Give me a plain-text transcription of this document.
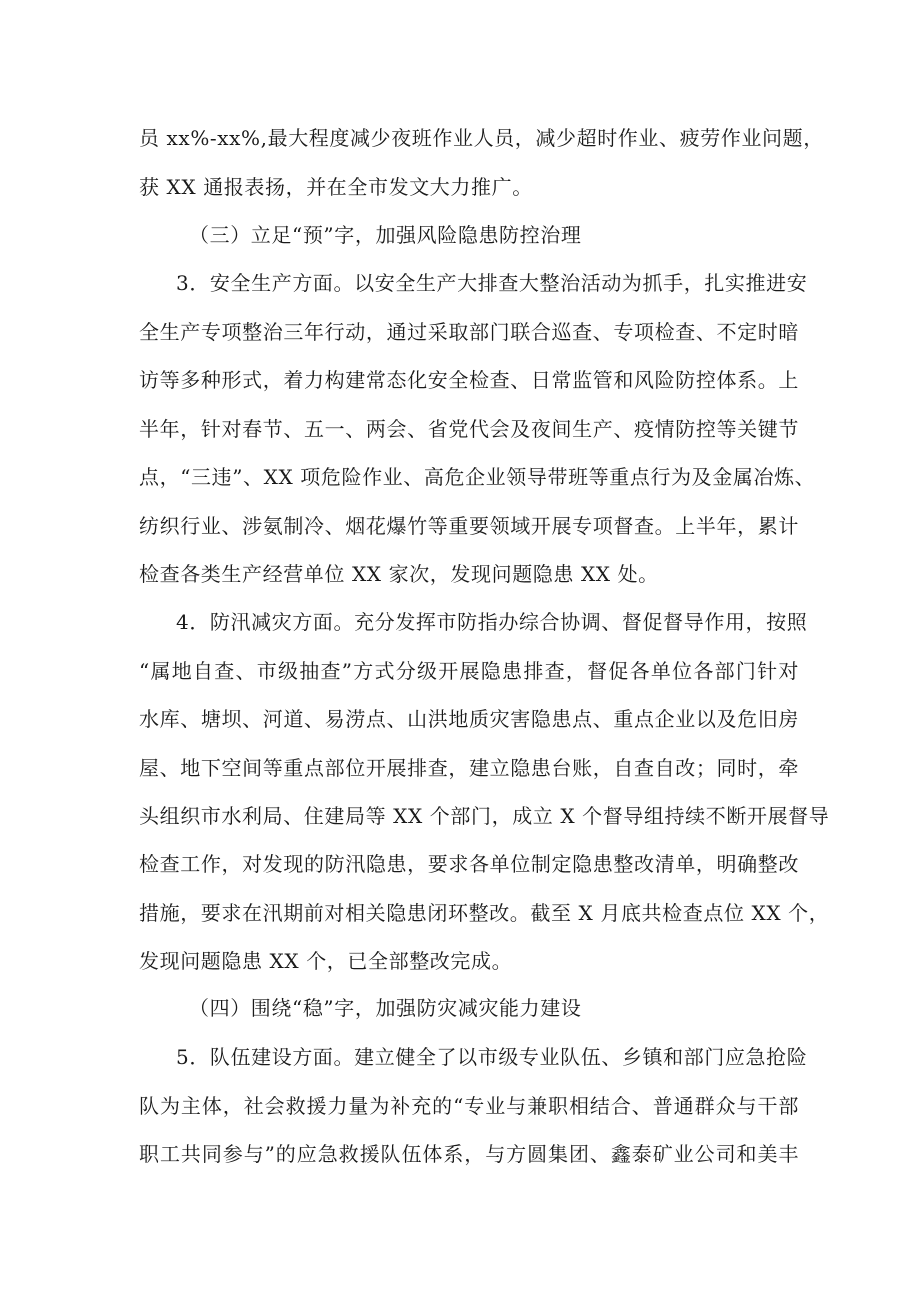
员 xx%-xx%,最大程度减少夜班作业人员，减少超时作业、疲劳作业问题，
获 XX 通报表扬，并在全市发文大力推广。
（三）立足“预”字，加强风险隐患防控治理
3．安全生产方面。以安全生产大排查大整治活动为抓手，扎实推进安
全生产专项整治三年行动，通过采取部门联合巡查、专项检查、不定时暗
访等多种形式，着力构建常态化安全检查、日常监管和风险防控体系。上
半年，针对春节、五一、两会、省党代会及夜间生产、疫情防控等关键节
点，“三违”、XX 项危险作业、高危企业领导带班等重点行为及金属冶炼、
纺织行业、涉氨制冷、烟花爆竹等重要领域开展专项督查。上半年，累计
检查各类生产经营单位 XX 家次，发现问题隐患 XX 处。
4．防汛减灾方面。充分发挥市防指办综合协调、督促督导作用，按照
“属地自查、市级抽查”方式分级开展隐患排查，督促各单位各部门针对
水库、塘坝、河道、易涝点、山洪地质灾害隐患点、重点企业以及危旧房
屋、地下空间等重点部位开展排查，建立隐患台账，自查自改；同时，牵
头组织市水利局、住建局等 XX 个部门，成立 X 个督导组持续不断开展督导
检查工作，对发现的防汛隐患，要求各单位制定隐患整改清单，明确整改
措施，要求在汛期前对相关隐患闭环整改。截至 X 月底共检查点位 XX 个，
发现问题隐患 XX 个，已全部整改完成。
（四）围绕“稳”字，加强防灾减灾能力建设
5．队伍建设方面。建立健全了以市级专业队伍、乡镇和部门应急抢险
队为主体，社会救援力量为补充的“专业与兼职相结合、普通群众与干部
职工共同参与”的应急救援队伍体系，与方圆集团、鑫泰矿业公司和美丰
